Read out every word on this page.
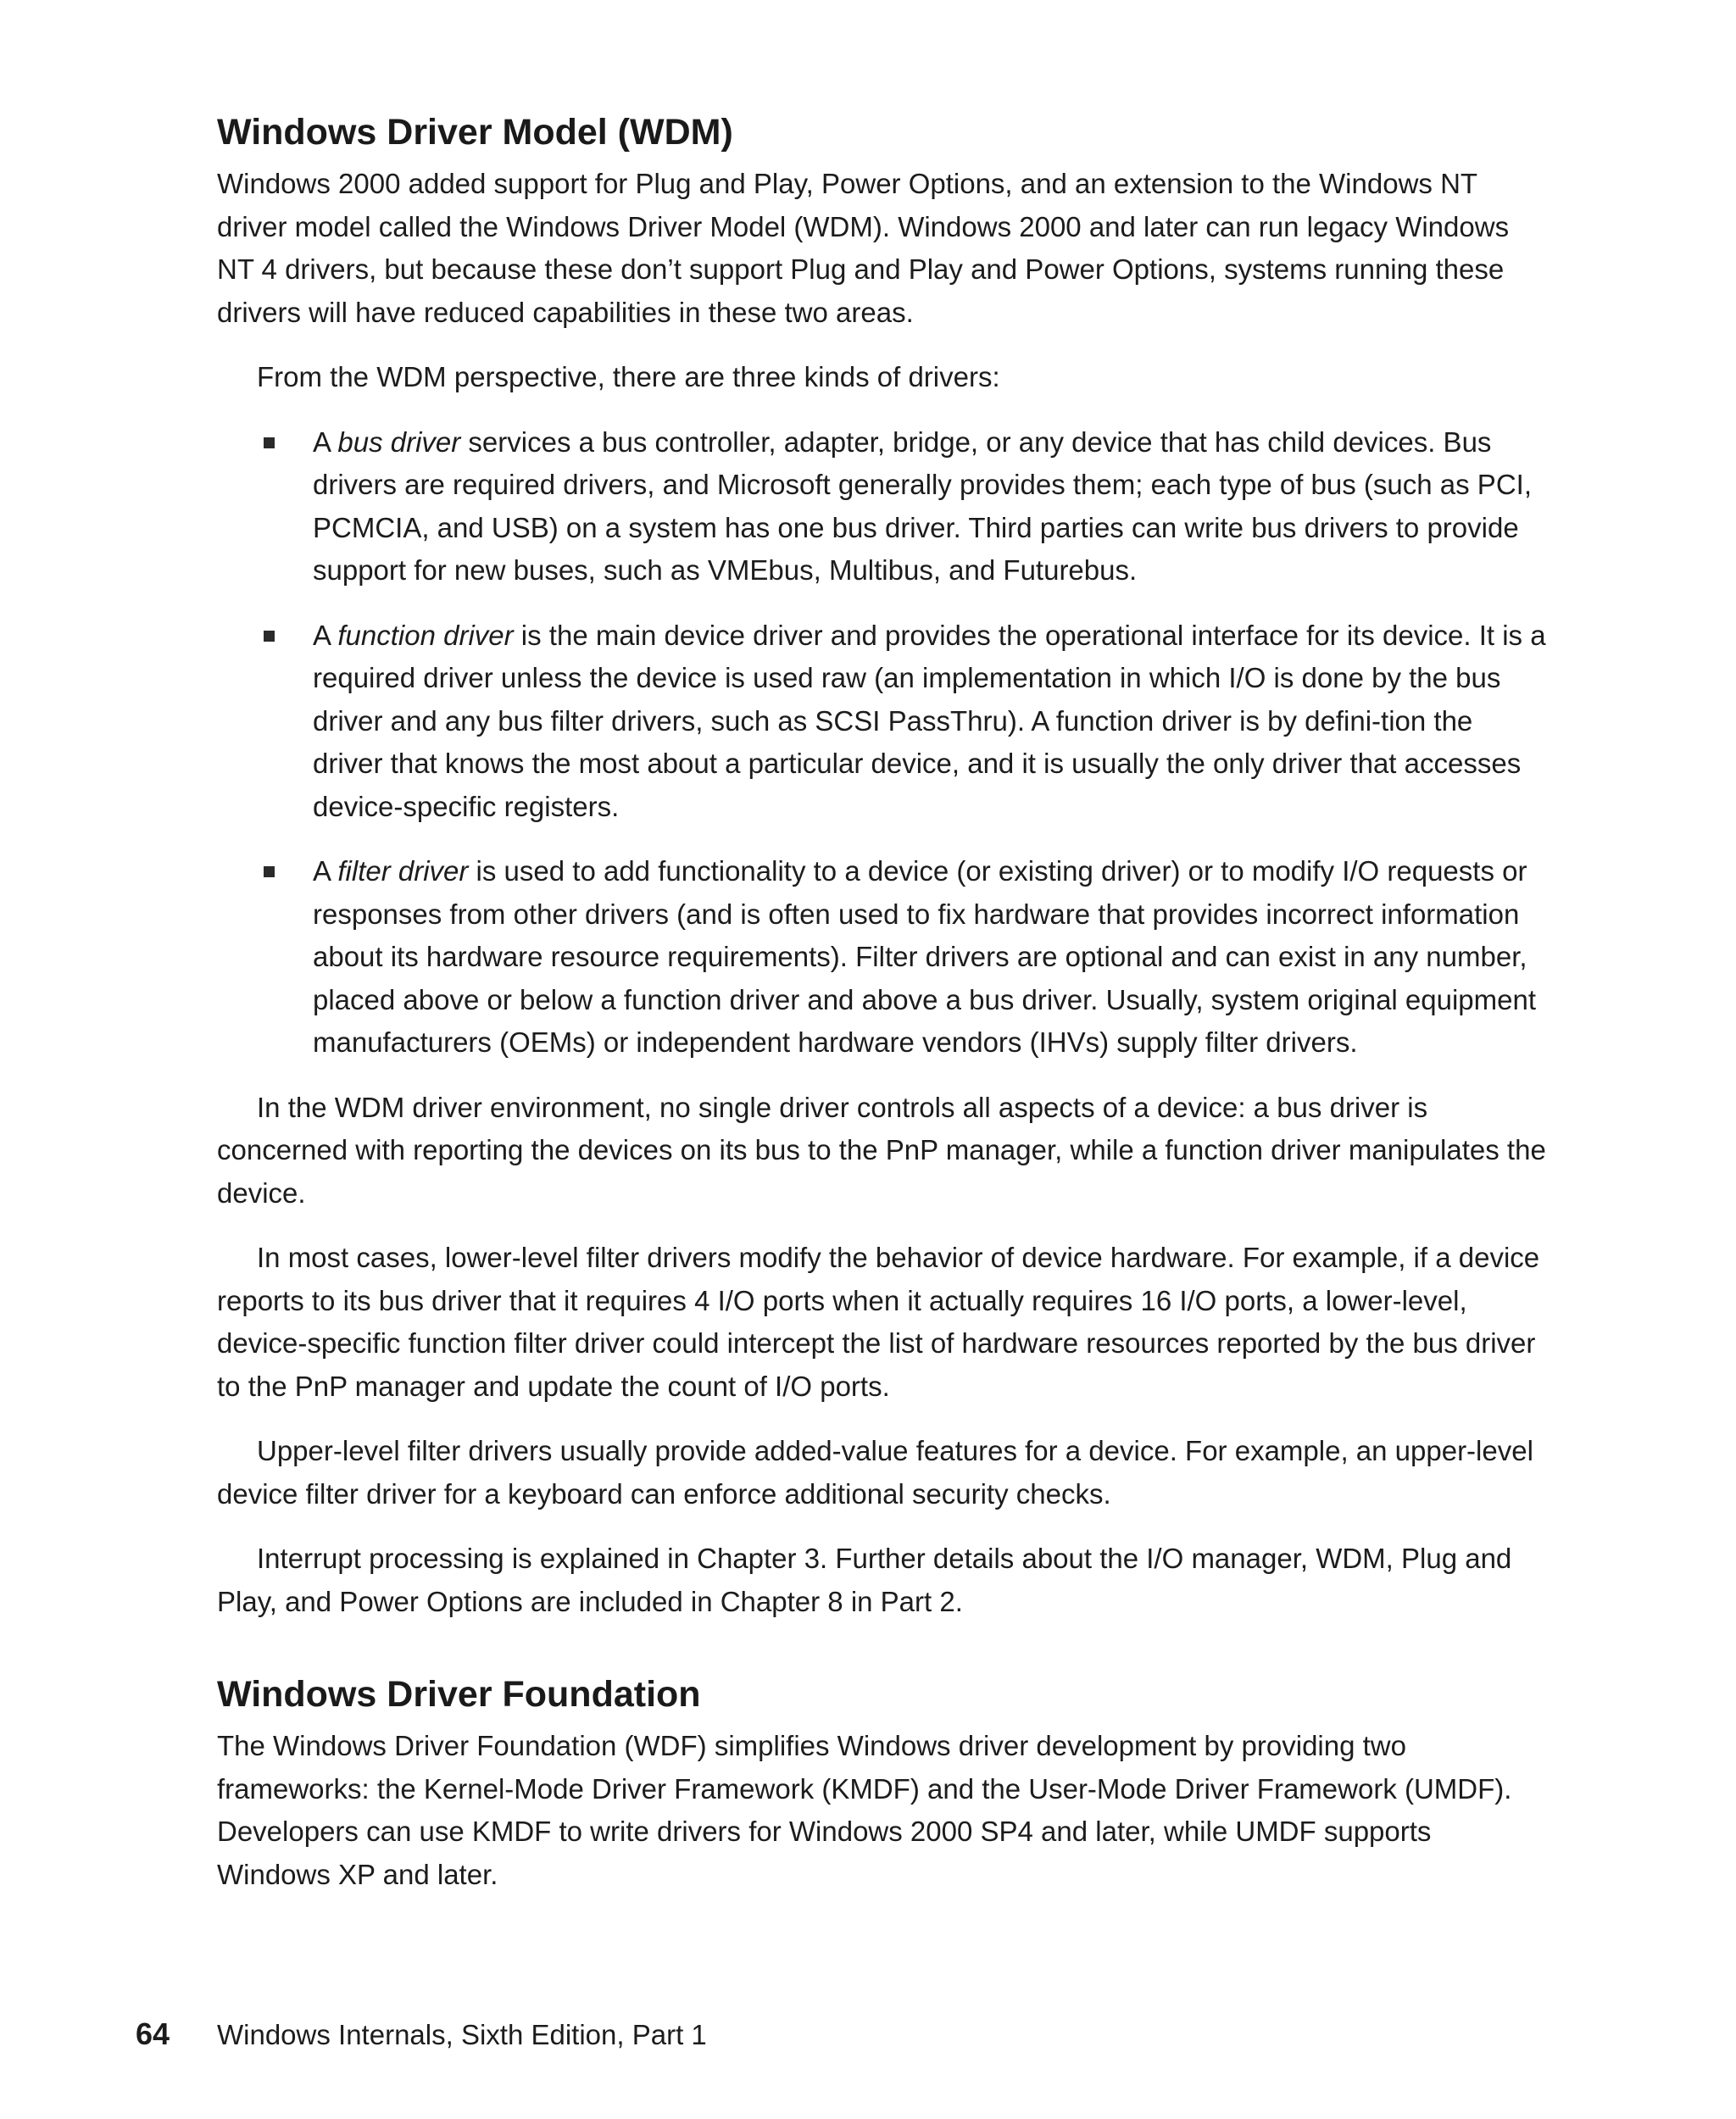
Windows Driver Model (WDM)

Windows 2000 added support for Plug and Play, Power Options, and an extension to the Windows NT driver model called the Windows Driver Model (WDM). Windows 2000 and later can run legacy Windows NT 4 drivers, but because these don’t support Plug and Play and Power Options, systems running these drivers will have reduced capabilities in these two areas.

From the WDM perspective, there are three kinds of drivers:

A bus driver services a bus controller, adapter, bridge, or any device that has child devices. Bus drivers are required drivers, and Microsoft generally provides them; each type of bus (such as PCI, PCMCIA, and USB) on a system has one bus driver. Third parties can write bus drivers to provide support for new buses, such as VMEbus, Multibus, and Futurebus.
A function driver is the main device driver and provides the operational interface for its device. It is a required driver unless the device is used raw (an implementation in which I/O is done by the bus driver and any bus filter drivers, such as SCSI PassThru). A function driver is by defini-tion the driver that knows the most about a particular device, and it is usually the only driver that accesses device-specific registers.
A filter driver is used to add functionality to a device (or existing driver) or to modify I/O requests or responses from other drivers (and is often used to fix hardware that provides incorrect information about its hardware resource requirements). Filter drivers are optional and can exist in any number, placed above or below a function driver and above a bus driver. Usually, system original equipment manufacturers (OEMs) or independent hardware vendors (IHVs) supply filter drivers.

In the WDM driver environment, no single driver controls all aspects of a device: a bus driver is concerned with reporting the devices on its bus to the PnP manager, while a function driver manipulates the device.

In most cases, lower-level filter drivers modify the behavior of device hardware. For example, if a device reports to its bus driver that it requires 4 I/O ports when it actually requires 16 I/O ports, a lower-level, device-specific function filter driver could intercept the list of hardware resources reported by the bus driver to the PnP manager and update the count of I/O ports.

Upper-level filter drivers usually provide added-value features for a device. For example, an upper-level device filter driver for a keyboard can enforce additional security checks.

Interrupt processing is explained in Chapter 3. Further details about the I/O manager, WDM, Plug and Play, and Power Options are included in Chapter 8 in Part 2.

Windows Driver Foundation

The Windows Driver Foundation (WDF) simplifies Windows driver development by providing two frameworks: the Kernel-Mode Driver Framework (KMDF) and the User-Mode Driver Framework (UMDF). Developers can use KMDF to write drivers for Windows 2000 SP4 and later, while UMDF supports Windows XP and later.

64 Windows Internals, Sixth Edition, Part 1
